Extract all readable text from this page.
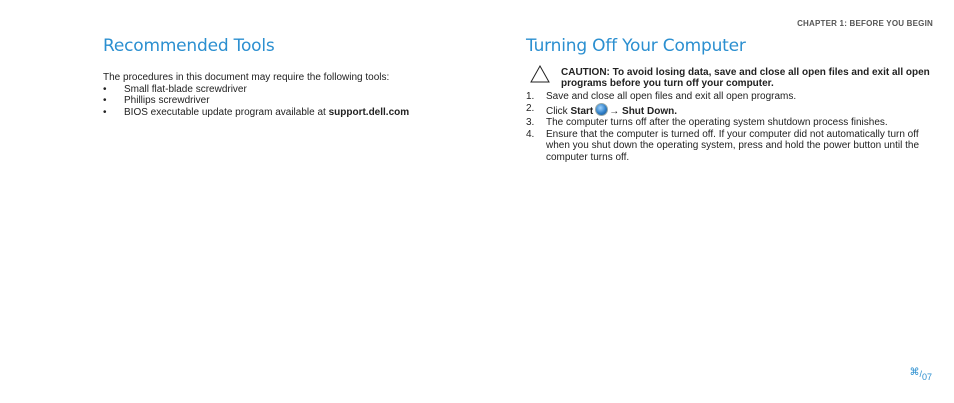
CHAPTER 1: BEFORE YOU BEGIN
Recommended Tools
The procedures in this document may require the following tools:
• Small flat-blade screwdriver
• Phillips screwdriver
• BIOS executable update program available at support.dell.com
Turning Off Your Computer
CAUTION: To avoid losing data, save and close all open files and exit all open programs before you turn off your computer.
1. Save and close all open files and exit all open programs.
2. Click Start → Shut Down.
3. The computer turns off after the operating system shutdown process finishes.
4. Ensure that the computer is turned off. If your computer did not automatically turn off when you shut down the operating system, press and hold the power button until the computer turns off.
⌘/07
